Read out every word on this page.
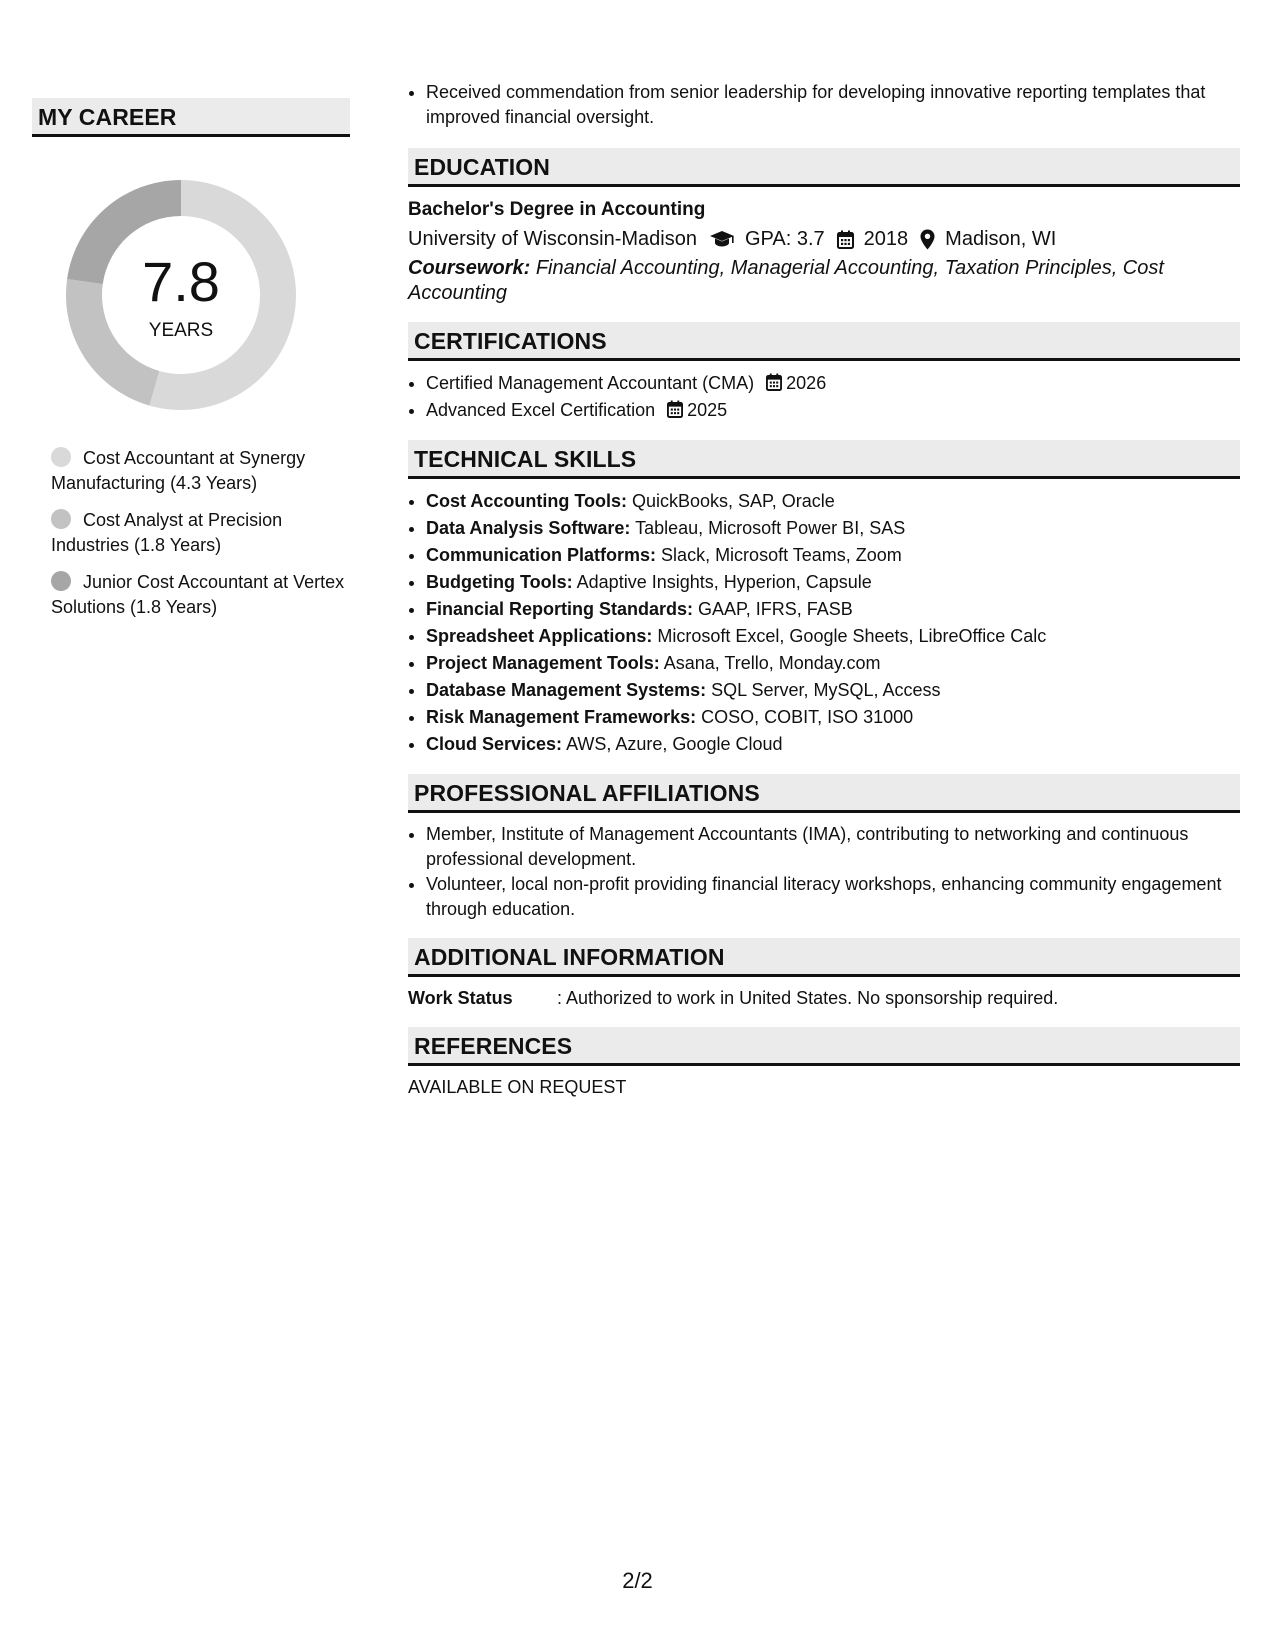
MY CAREER
7.8
YEARS
Cost Accountant at Synergy Manufacturing (4.3 Years)
Cost Analyst at Precision Industries (1.8 Years)
Junior Cost Accountant at Vertex Solutions (1.8 Years)
• Received commendation from senior leadership for developing innovative reporting templates that improved financial oversight.
EDUCATION
Bachelor's Degree in Accounting
University of Wisconsin-Madison GPA: 3.7 2018 Madison, WI
Coursework: Financial Accounting, Managerial Accounting, Taxation Principles, Cost Accounting
CERTIFICATIONS
• Certified Management Accountant (CMA) 2026
• Advanced Excel Certification 2025
TECHNICAL SKILLS
• Cost Accounting Tools: QuickBooks, SAP, Oracle
• Data Analysis Software: Tableau, Microsoft Power BI, SAS
• Communication Platforms: Slack, Microsoft Teams, Zoom
• Budgeting Tools: Adaptive Insights, Hyperion, Capsule
• Financial Reporting Standards: GAAP, IFRS, FASB
• Spreadsheet Applications: Microsoft Excel, Google Sheets, LibreOffice Calc
• Project Management Tools: Asana, Trello, Monday.com
• Database Management Systems: SQL Server, MySQL, Access
• Risk Management Frameworks: COSO, COBIT, ISO 31000
• Cloud Services: AWS, Azure, Google Cloud
PROFESSIONAL AFFILIATIONS
• Member, Institute of Management Accountants (IMA), contributing to networking and continuous professional development.
• Volunteer, local non-profit providing financial literacy workshops, enhancing community engagement through education.
ADDITIONAL INFORMATION
Work Status	: Authorized to work in United States. No sponsorship required.
REFERENCES
AVAILABLE ON REQUEST
2/2
